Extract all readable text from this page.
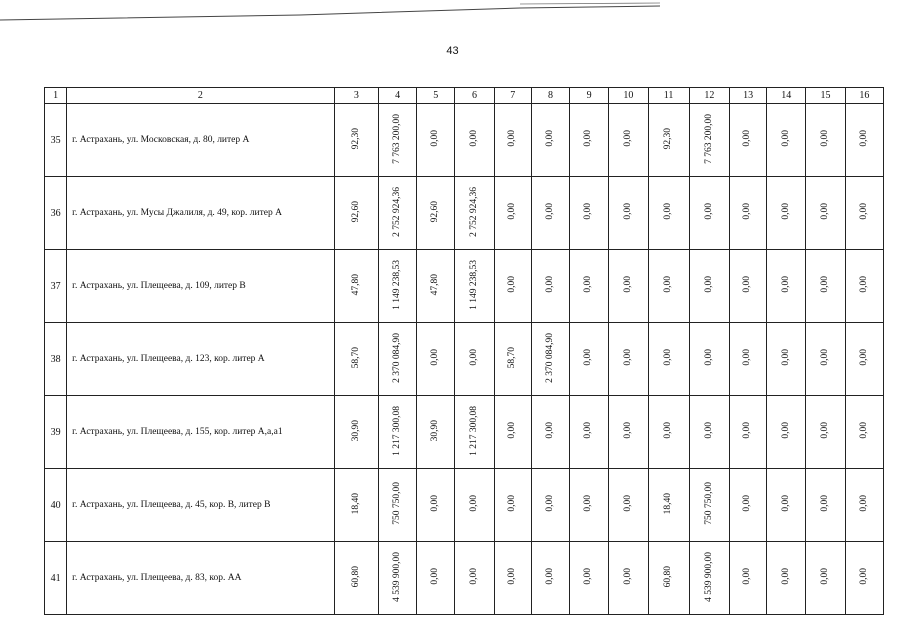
43
1	2	3	4	5	6	7	8	9	10	11	12	13	14	15	16
35	г. Астрахань, ул. Московская, д. 80, литер А	92,30	7 763 200,00	0,00	0,00	0,00	0,00	0,00	0,00	92,30	7 763 200,00	0,00	0,00	0,00	0,00
36	г. Астрахань, ул. Мусы Джалиля, д. 49, кор. литер А	92,60	2 752 924,36	92,60	2 752 924,36	0,00	0,00	0,00	0,00	0,00	0,00	0,00	0,00	0,00	0,00
37	г. Астрахань, ул. Плещеева, д. 109, литер В	47,80	1 149 238,53	47,80	1 149 238,53	0,00	0,00	0,00	0,00	0,00	0,00	0,00	0,00	0,00	0,00
38	г. Астрахань, ул. Плещеева, д. 123, кор. литер А	58,70	2 370 084,90	0,00	0,00	58,70	2 370 084,90	0,00	0,00	0,00	0,00	0,00	0,00	0,00	0,00
39	г. Астрахань, ул. Плещеева, д. 155, кор. литер А,а,а1	30,90	1 217 300,08	30,90	1 217 300,08	0,00	0,00	0,00	0,00	0,00	0,00	0,00	0,00	0,00	0,00
40	г. Астрахань, ул. Плещеева, д. 45, кор. В, литер В	18,40	750 750,00	0,00	0,00	0,00	0,00	0,00	0,00	18,40	750 750,00	0,00	0,00	0,00	0,00
41	г. Астрахань, ул. Плещеева, д. 83, кор. АА	60,80	4 539 900,00	0,00	0,00	0,00	0,00	0,00	0,00	60,80	4 539 900,00	0,00	0,00	0,00	0,00
